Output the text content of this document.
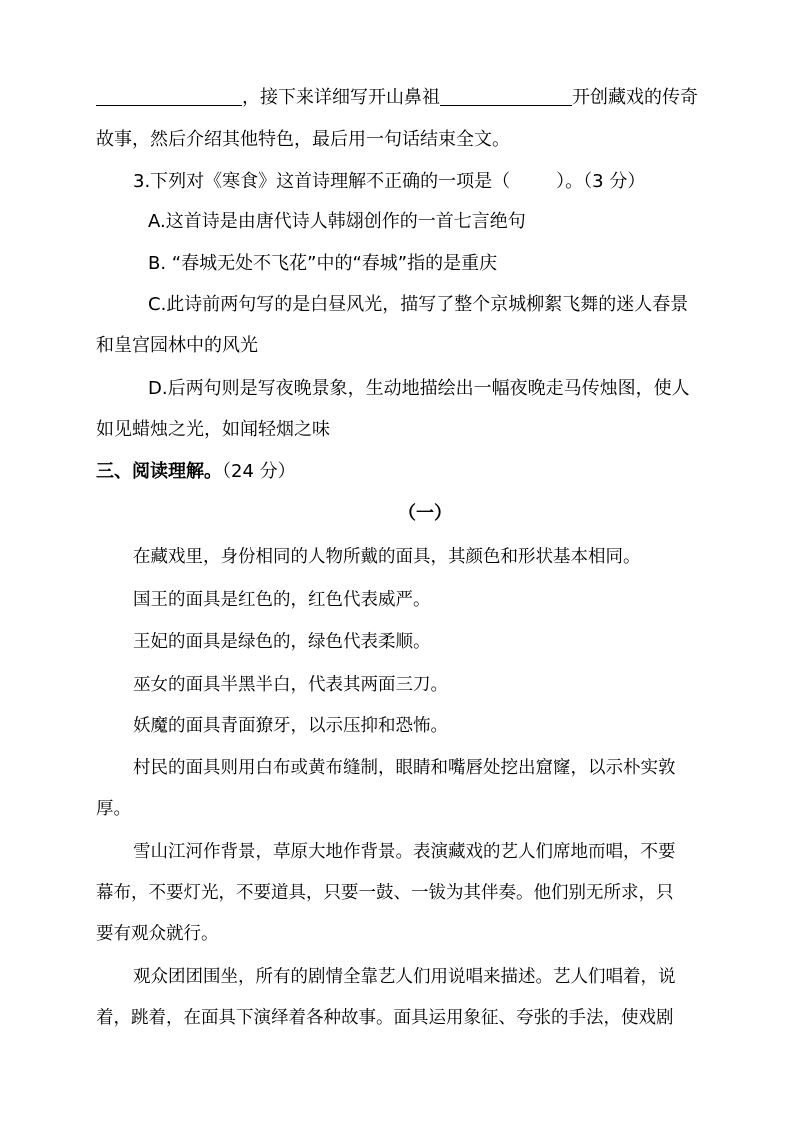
，接下来详细写开山鼻祖	开创藏戏的传奇
故事，然后介绍其他特色，最后用一句话结束全文。
3.下列对《寒食》这首诗理解不正确的一项是（	）。（3 分）
A.这首诗是由唐代诗人韩翃创作的一首七言绝句
B. “春城无处不飞花”中的“春城”指的是重庆
C.此诗前两句写的是白昼风光，描写了整个京城柳絮飞舞的迷人春景
和皇宫园林中的风光
D.后两句则是写夜晚景象，生动地描绘出一幅夜晚走马传烛图，使人
如见蜡烛之光，如闻轻烟之味
三、阅读理解。（24 分）
（一）
在藏戏里，身份相同的人物所戴的面具，其颜色和形状基本相同。
国王的面具是红色的，红色代表威严。
王妃的面具是绿色的，绿色代表柔顺。
巫女的面具半黑半白，代表其两面三刀。
妖魔的面具青面獠牙，以示压抑和恐怖。
村民的面具则用白布或黄布缝制，眼睛和嘴唇处挖出窟窿，以示朴实敦
厚。
雪山江河作背景，草原大地作背景。表演藏戏的艺人们席地而唱，不要
幕布，不要灯光，不要道具，只要一鼓、一钹为其伴奏。他们别无所求，只
要有观众就行。
观众团团围坐，所有的剧情全靠艺人们用说唱来描述。艺人们唱着，说
着，跳着，在面具下演绎着各种故事。面具运用象征、夸张的手法，使戏剧
